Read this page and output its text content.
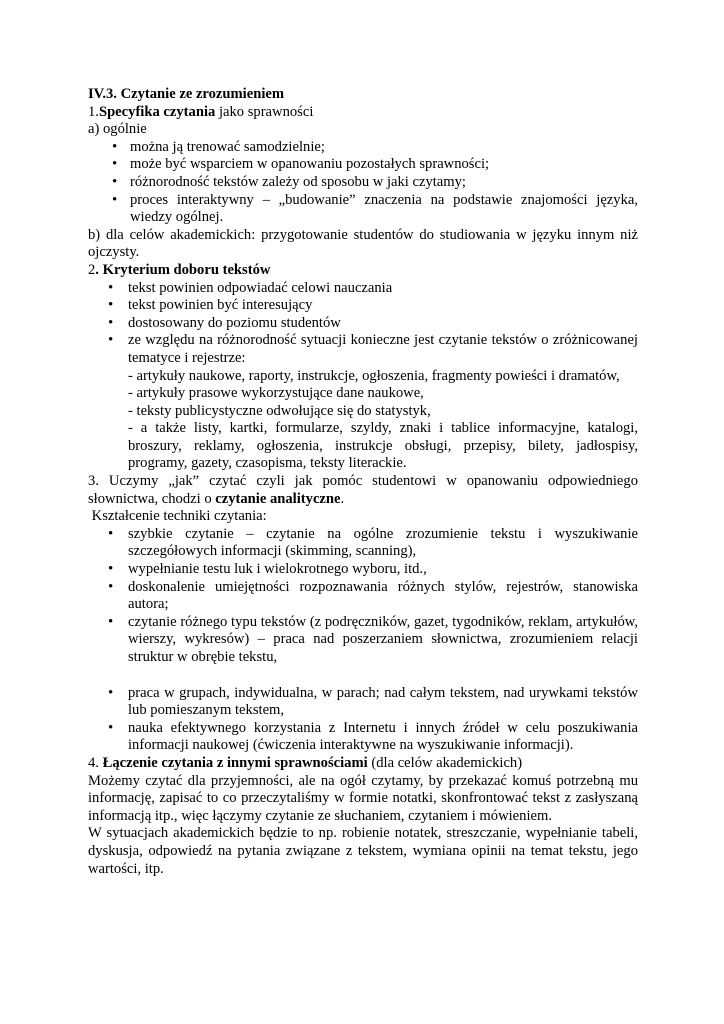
IV.3. Czytanie ze zrozumieniem

1.Specyfika czytania jako sprawności

a) ogólnie

• można ją trenować samodzielnie;
• może być wsparciem w opanowaniu pozostałych sprawności;
• różnorodność tekstów zależy od sposobu w jaki czytamy;
• proces interaktywny – „budowanie” znaczenia na podstawie znajomości języka, wiedzy ogólnej.

b) dla celów akademickich: przygotowanie studentów do studiowania w języku innym niż ojczysty.

2. Kryterium doboru tekstów

• tekst powinien odpowiadać celowi nauczania
• tekst powinien być interesujący
• dostosowany do poziomu studentów
• ze względu na różnorodność sytuacji konieczne jest czytanie tekstów o zróżnicowanej tematyce i rejestrze:
- artykuły naukowe, raporty, instrukcje, ogłoszenia, fragmenty powieści i dramatów,
- artykuły prasowe wykorzystujące dane naukowe,
- teksty publicystyczne odwołujące się do statystyk,
- a także listy, kartki, formularze, szyldy, znaki i tablice informacyjne, katalogi, broszury, reklamy, ogłoszenia, instrukcje obsługi, przepisy, bilety, jadłospisy, programy, gazety, czasopisma, teksty literackie.

3. Uczymy „jak” czytać czyli jak pomóc studentowi w opanowaniu odpowiedniego słownictwa, chodzi o czytanie analityczne.

Kształcenie techniki czytania:

• szybkie czytanie – czytanie na ogólne zrozumienie tekstu i wyszukiwanie szczegółowych informacji (skimming, scanning),
• wypełnianie testu luk i wielokrotnego wyboru, itd.,
• doskonalenie umiejętności rozpoznawania różnych stylów, rejestrów, stanowiska autora;
• czytanie różnego typu tekstów (z podręczników, gazet, tygodników, reklam, artykułów, wierszy, wykresów) – praca nad poszerzaniem słownictwa, zrozumieniem relacji struktur w obrębie tekstu,
• praca w grupach, indywidualna, w parach; nad całym tekstem, nad urywkami tekstów lub pomieszanym tekstem,
• nauka efektywnego korzystania z Internetu i innych źródeł w celu poszukiwania informacji naukowej (ćwiczenia interaktywne na wyszukiwanie informacji).

4. Łączenie czytania z innymi sprawnościami (dla celów akademickich)

Możemy czytać dla przyjemności, ale na ogół czytamy, by przekazać komuś potrzebną mu informację, zapisać to co przeczytaliśmy w formie notatki, skonfrontować tekst z zasłyszaną informacją itp., więc łączymy czytanie ze słuchaniem, czytaniem i mówieniem.

W sytuacjach akademickich będzie to np. robienie notatek, streszczanie, wypełnianie tabeli, dyskusja, odpowiedź na pytania związane z tekstem, wymiana opinii na temat tekstu, jego wartości, itp.
